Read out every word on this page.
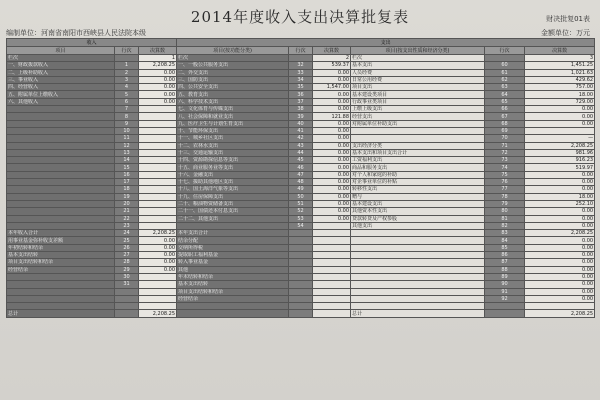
2014年度收入支出决算批复表	财决批复01表
编制单位：河南省南阳市西峡县人民法院本级	金额单位：万元
收入			支出					
项目	行次	决算数	项目(按功能分类)	行次	决算数	项目(按支出性质和经济分类)	行次	决算数
栏次		1	栏次		2	栏次		3
一、财政拨款收入	1	2,208.25	一、一般公共服务支出	32	539.37	基本支出	60	1,451.25
二、上级补助收入	2	0.00	二、外交支出	33	0.00	人员经费	61	1,021.63
三、事业收入	3	0.00	三、国防支出	34	0.00	日常公用经费	62	429.62
四、经营收入	4	0.00	四、公共安全支出	35	1,547.00	项目支出	63	757.00
五、附属单位上缴收入	5	0.00	五、教育支出	36	0.00	基本建设类项目	64	18.00
六、其他收入	6	0.00	六、科学技术支出	37	0.00	行政事业类项目	65	729.00
	7		七、文化体育与传媒支出	38	0.00	上缴上级支出	66	0.00
	8		八、社会保障和就业支出	39	121.88	经营支出	67	0.00
	9		九、医疗卫生与计划生育支出	40	0.00	对附属单位补助支出	68	0.00
	10		十、节能环保支出	41	0.00		69	
	11		十一、城乡社区支出	42	0.00		70	—
	12		十二、农林水支出	43	0.00	支出经济分类	71	2,208.25
	13		十三、交通运输支出	44	0.00	基本支出和项目支出合计	72	981.96
	14		十四、资源勘探信息等支出	45	0.00	工资福利支出	73	916.23
	15		十五、商业服务业等支出	46	0.00	商品和服务支出	74	519.97
	16		十六、金融支出	47	0.00	对个人和家庭的补助	75	0.00
	17		十七、援助其他地区支出	48	0.00	对企事业单位的补贴	76	0.00
	18		十八、国土海洋气象等支出	49	0.00	转移性支出	77	0.00
	19		十九、住房保障支出	50	0.00	赠与	78	18.00
	20		二十、粮油物资储备支出	51	0.00	基本建设支出	79	252.10
	21		二十一、国债还本付息支出	52	0.00	其他资本性支出	80	0.00
	22		二十二、其他支出	53	0.00	贷款转贷及产权参股	81	0.00
	23			54		其他支出	82	0.00
本年收入合计	24	2,208.25	本年支出合计				83	2,208.25
用事业基金弥补收支差额	25	0.00	结余分配				84	0.00
年初结转和结余	26	0.00	交纳所得税				85	0.00
基本支出结转	27	0.00	提取职工福利基金				86	0.00
项目支出结转和结余	28	0.00	转入事业基金				87	0.00
经营结余	29	0.00	其他				88	0.00
	30		年末结转和结余				89	0.00
	31		基本支出结转				90	0.00
			项目支出结转和结余				91	0.00
			经营结余				92	0.00

总计		2,208.25				总计		2,208.25
